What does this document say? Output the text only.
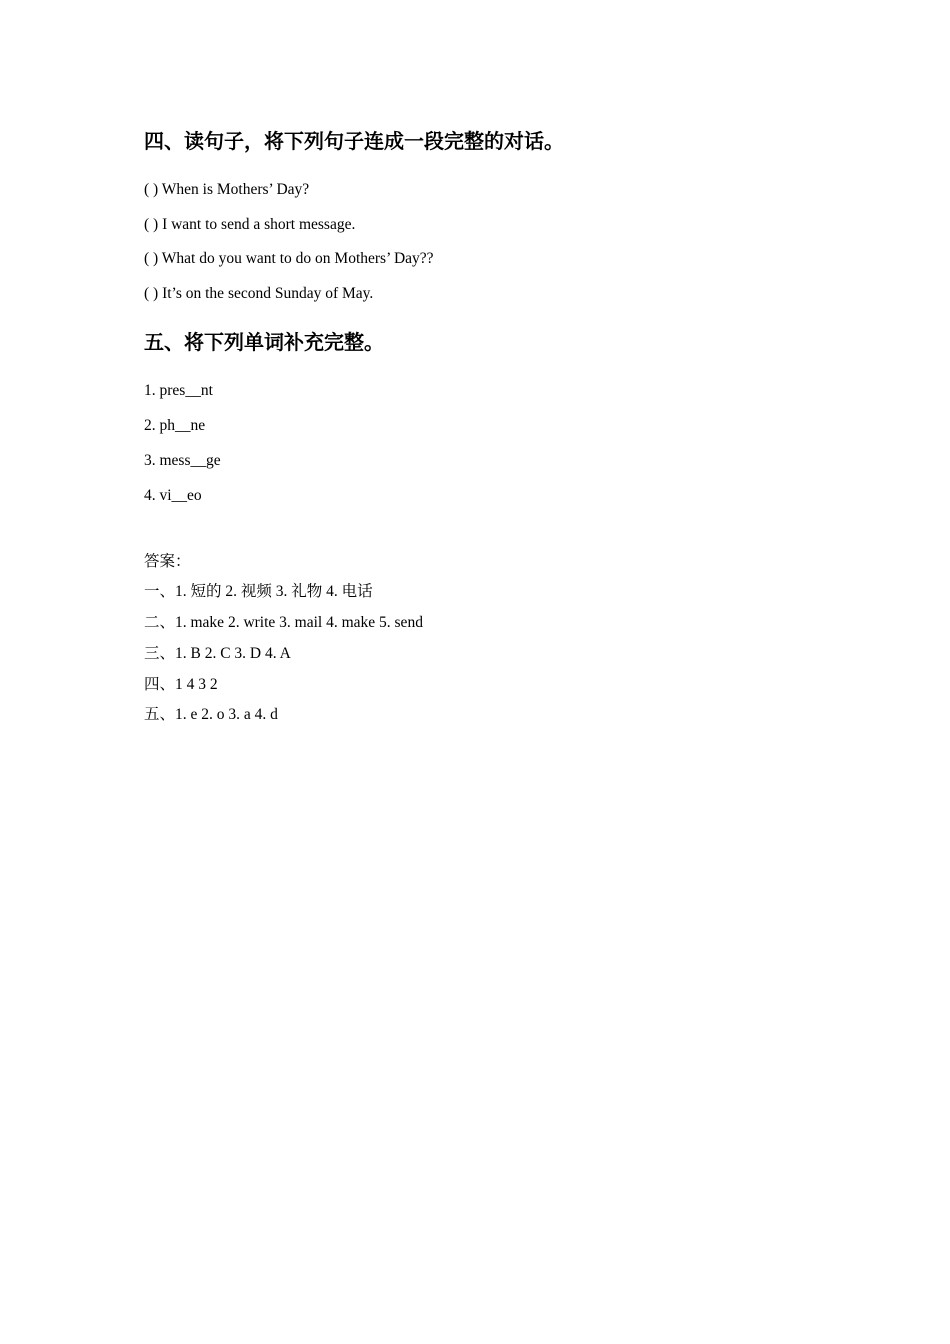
四、读句子，将下列句子连成一段完整的对话。
( ) When is Mothers’ Day?
( ) I want to send a short message.
( ) What do you want to do on Mothers’ Day??
( ) It’s on the second Sunday of May.
五、将下列单词补充完整。
1. pres__nt
2. ph__ne
3. mess__ge
4. vi__eo
答案：
一、1. 短的 2. 视频 3. 礼物 4. 电话
二、1. make 2. write 3. mail 4. make 5. send
三、1. B 2. C 3. D 4. A
四、1 4 3 2
五、1. e 2. o 3. a 4. d
